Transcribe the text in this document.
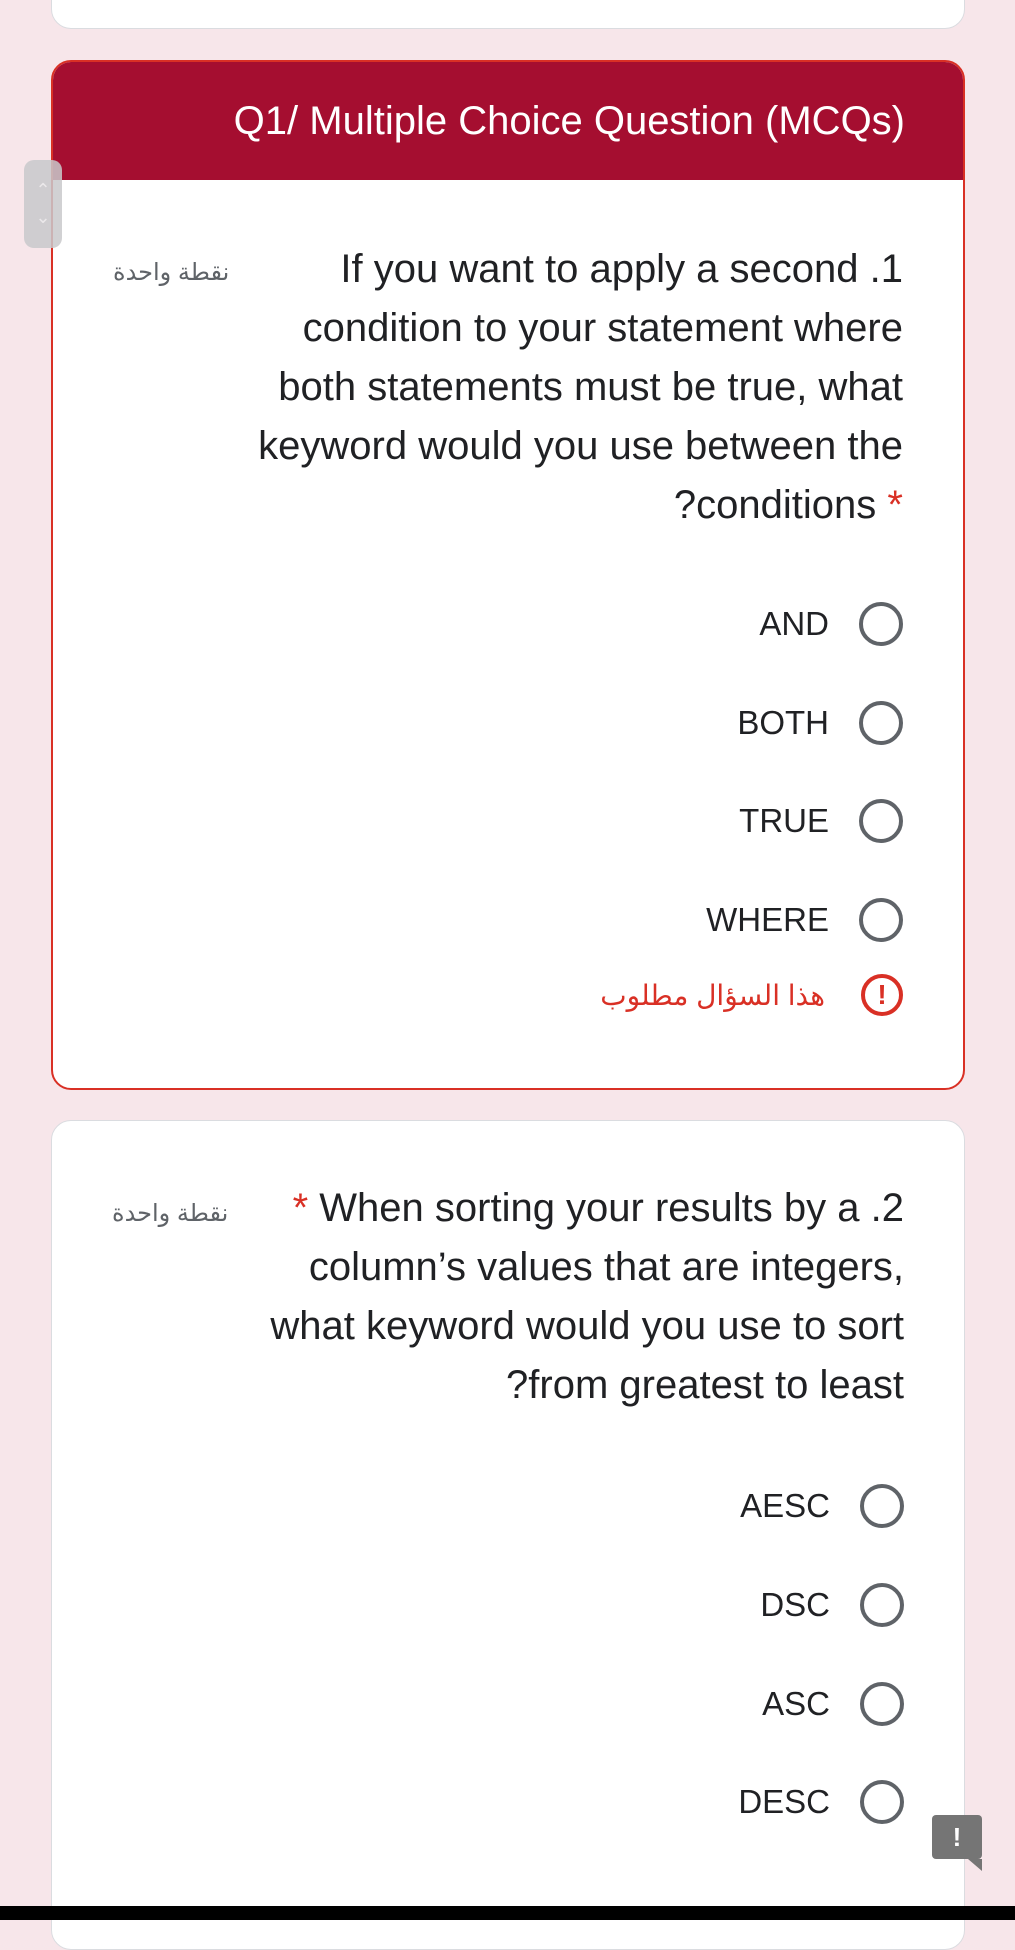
Q1/ Multiple Choice Question (MCQs)
نقطة واحدة	If you want to apply a second .1 condition to your statement where both statements must be true, what keyword would you use between the ?conditions *
AND
BOTH
TRUE
WHERE
هذا السؤال مطلوب	!
نقطة واحدة	* When sorting your results by a .2 column’s values that are integers, what keyword would you use to sort ?from greatest to least
AESC
DSC
ASC
DESC
⌃
⌄
!
